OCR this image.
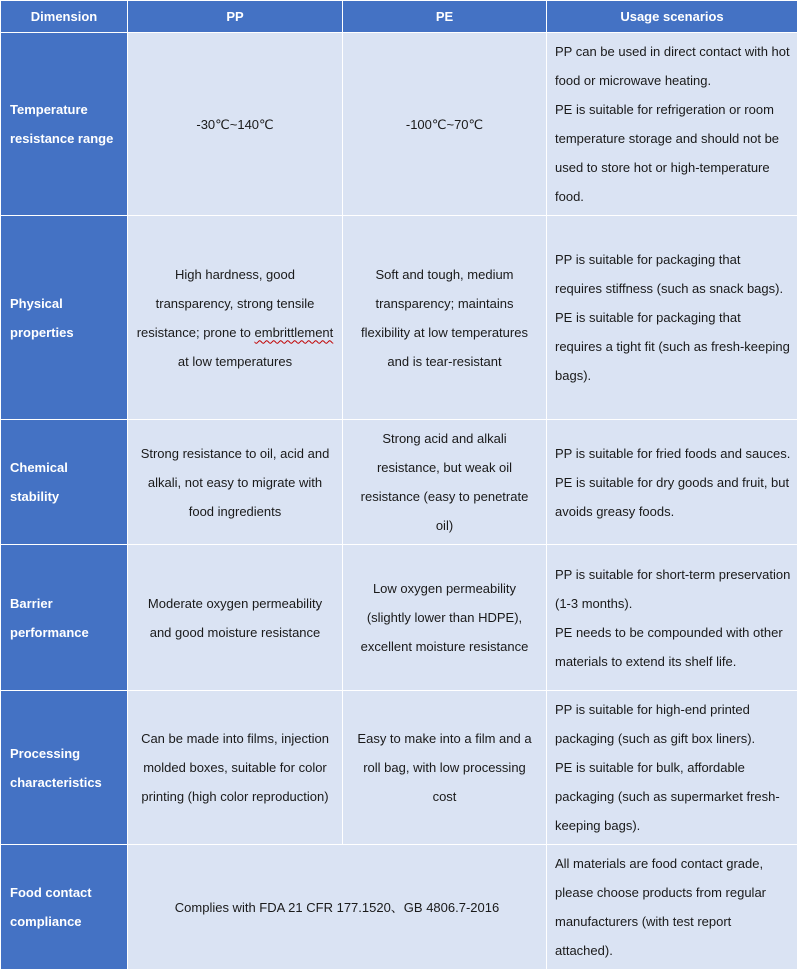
Dimension	PP	PE	Usage scenarios
Temperature resistance range	-30℃~140℃	-100℃~70℃	PP can be used in direct contact with hot food or microwave heating.
PE is suitable for refrigeration or room temperature storage and should not be used to store hot or high-temperature food.

Physical properties	High hardness, good transparency, strong tensile resistance; prone to embrittlement at low temperatures	Soft and tough, medium transparency; maintains flexibility at low temperatures and is tear-resistant	PP is suitable for packaging that requires stiffness (such as snack bags).
PE is suitable for packaging that requires a tight fit (such as fresh-keeping bags).

Chemical stability	Strong resistance to oil, acid and alkali, not easy to migrate with food ingredients	Strong acid and alkali resistance, but weak oil resistance (easy to penetrate oil)	PP is suitable for fried foods and sauces.
PE is suitable for dry goods and fruit, but avoids greasy foods.

Barrier performance	Moderate oxygen permeability and good moisture resistance	Low oxygen permeability (slightly lower than HDPE), excellent moisture resistance	PP is suitable for short-term preservation (1-3 months).
PE needs to be compounded with other materials to extend its shelf life.

Processing characteristics	Can be made into films, injection molded boxes, suitable for color printing (high color reproduction)	Easy to make into a film and a roll bag, with low processing cost	PP is suitable for high-end printed packaging (such as gift box liners).
PE is suitable for bulk, affordable packaging (such as supermarket fresh-keeping bags).

Food contact compliance	Complies with FDA 21 CFR 177.1520、GB 4806.7-2016		All materials are food contact grade, please choose products from regular manufacturers (with test report attached).
